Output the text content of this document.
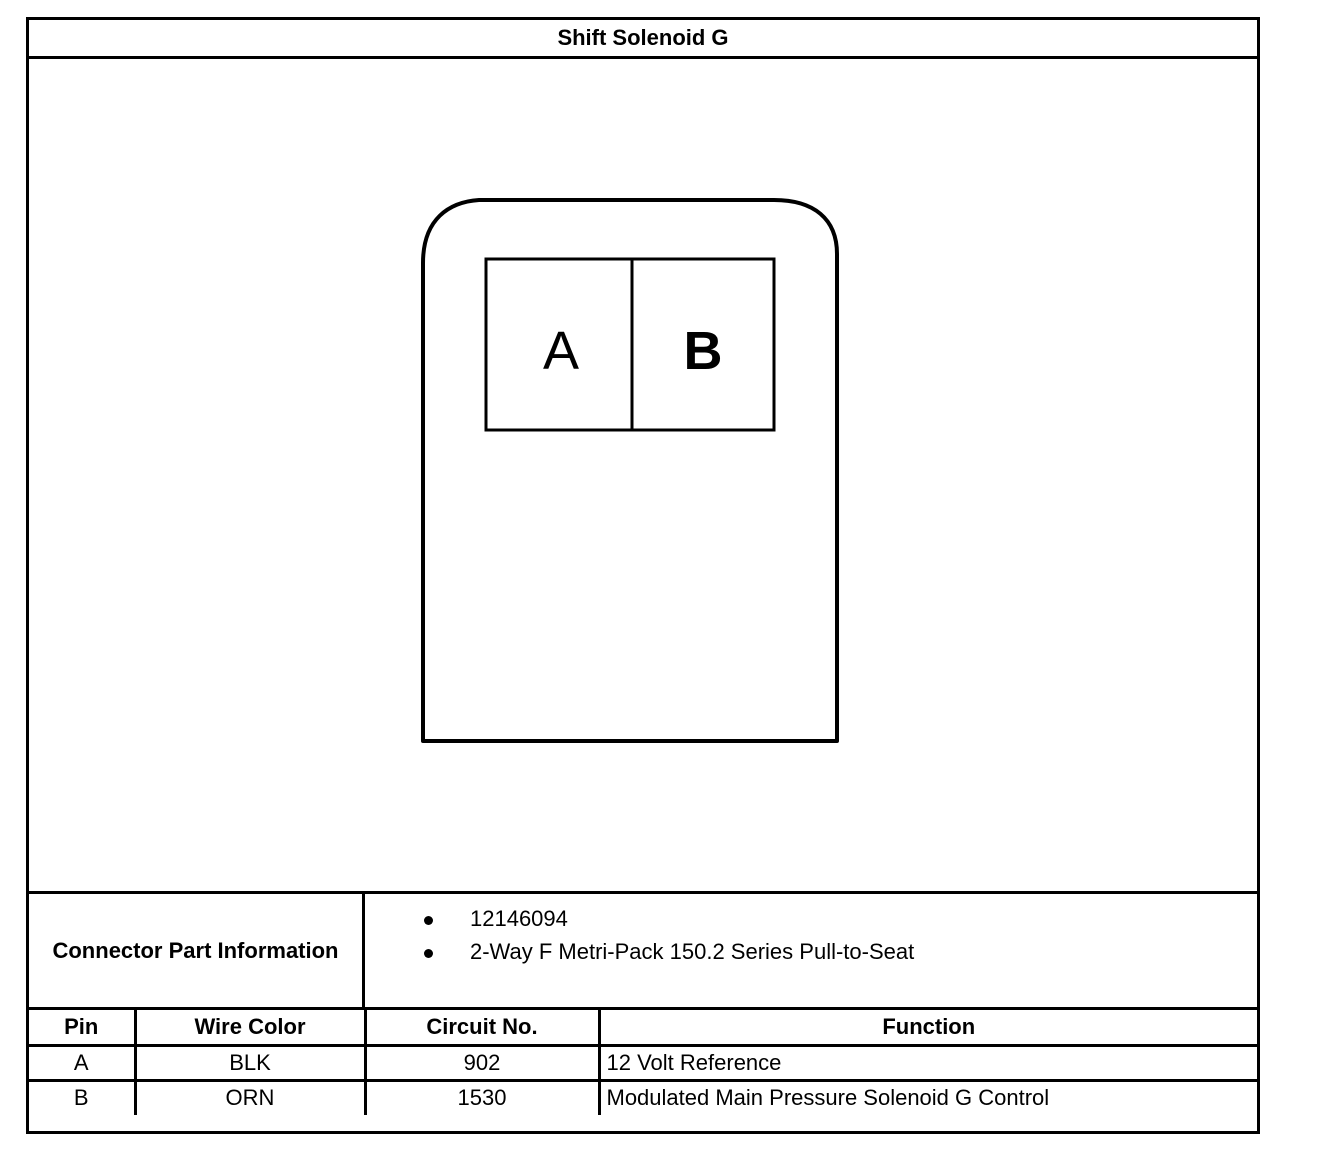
Shift Solenoid G
A B
Connector Part Information
12146094
2-Way F Metri-Pack 150.2 Series Pull-to-Seat
Pin	Wire Color	Circuit No.	Function
A	BLK	902	12 Volt Reference
B	ORN	1530	Modulated Main Pressure Solenoid G Control
